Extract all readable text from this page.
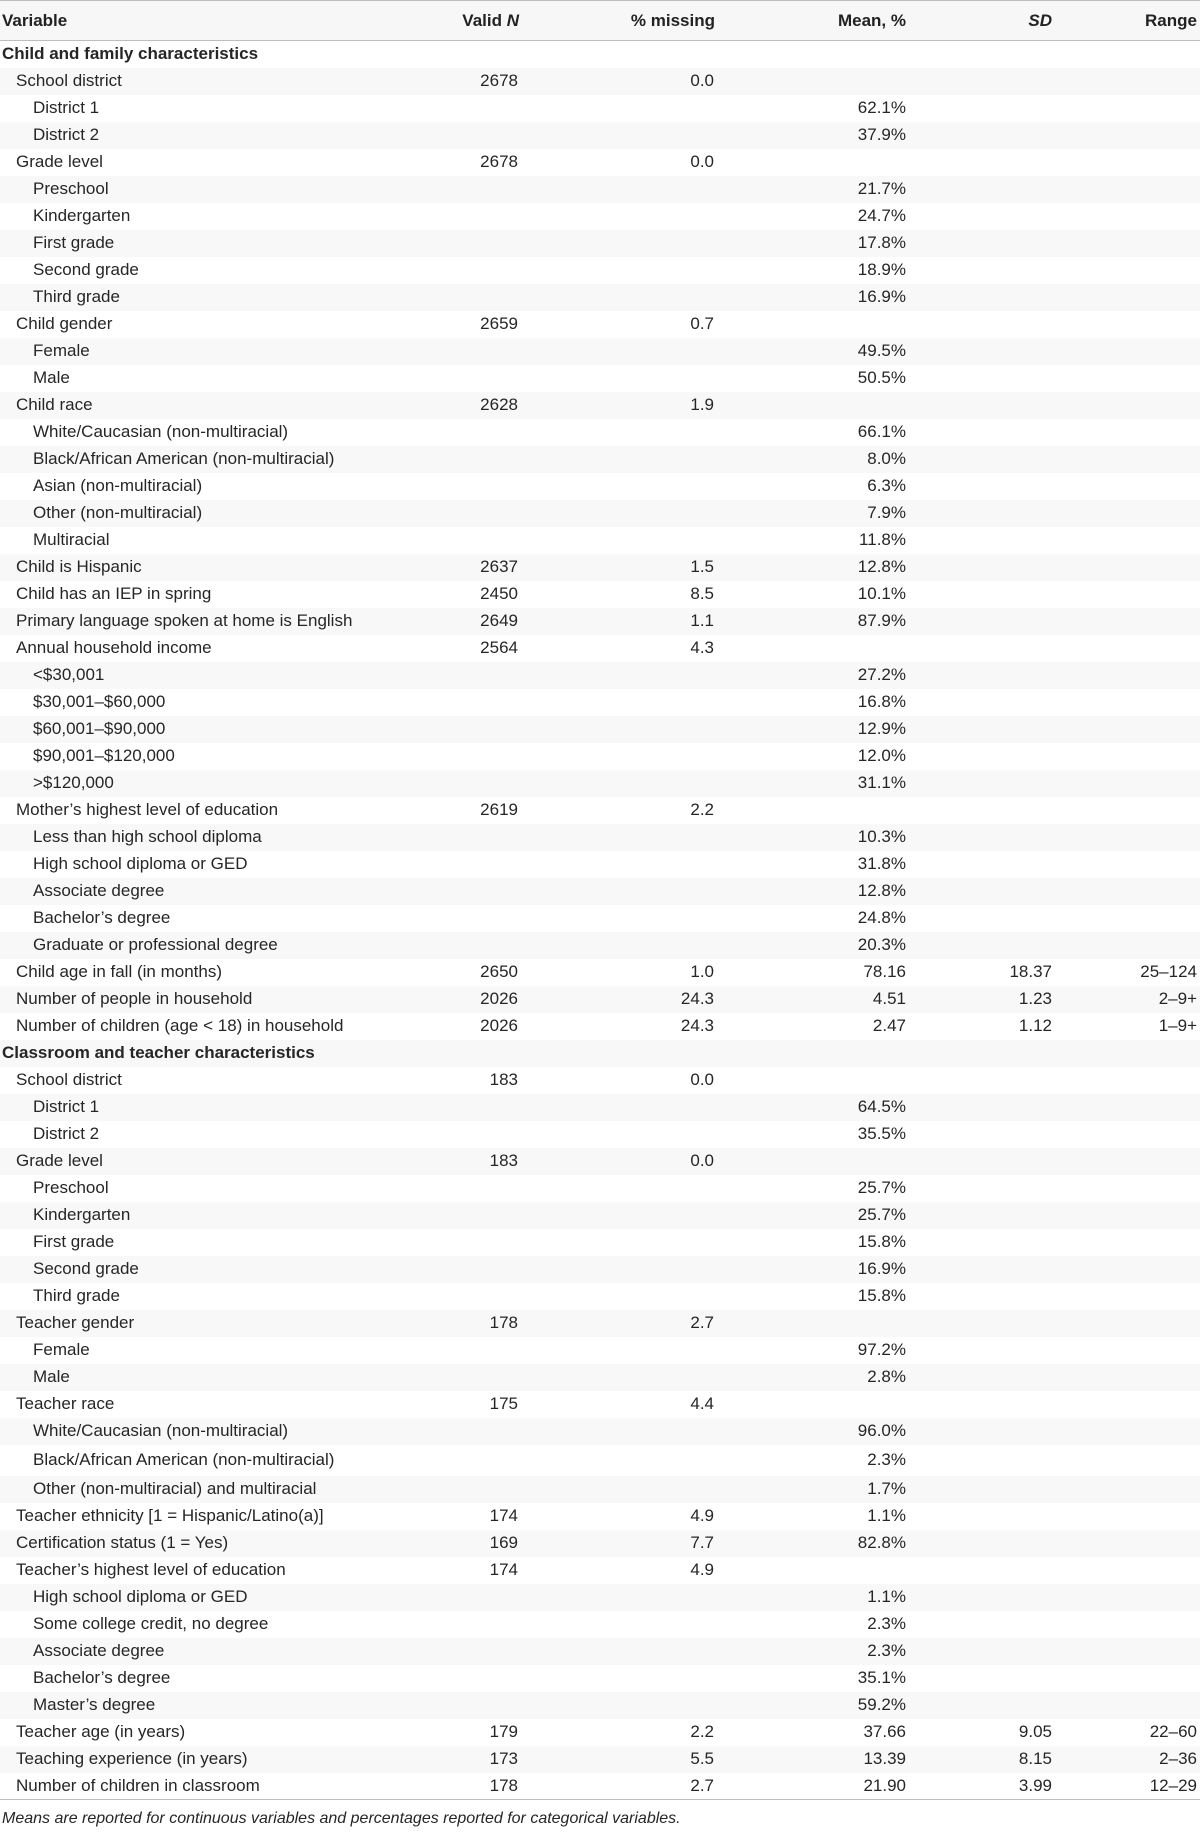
Variable	Valid N	% missing	Mean, %	SD	Range
Child and family characteristics					
School district	2678	0.0			
District 1			62.1%		
District 2			37.9%		
Grade level	2678	0.0			
Preschool			21.7%		
Kindergarten			24.7%		
First grade			17.8%		
Second grade			18.9%		
Third grade			16.9%		
Child gender	2659	0.7			
Female			49.5%		
Male			50.5%		
Child race	2628	1.9			
White/Caucasian (non-multiracial)			66.1%		
Black/African American (non-multiracial)			8.0%		
Asian (non-multiracial)			6.3%		
Other (non-multiracial)			7.9%		
Multiracial			11.8%		
Child is Hispanic	2637	1.5	12.8%		
Child has an IEP in spring	2450	8.5	10.1%		
Primary language spoken at home is English	2649	1.1	87.9%		
Annual household income	2564	4.3			
<$30,001			27.2%		
$30,001–$60,000			16.8%		
$60,001–$90,000			12.9%		
$90,001–$120,000			12.0%		
>$120,000			31.1%		
Mother’s highest level of education	2619	2.2			
Less than high school diploma			10.3%		
High school diploma or GED			31.8%		
Associate degree			12.8%		
Bachelor’s degree			24.8%		
Graduate or professional degree			20.3%		
Child age in fall (in months)	2650	1.0	78.16	18.37	25–124
Number of people in household	2026	24.3	4.51	1.23	2–9+
Number of children (age < 18) in household	2026	24.3	2.47	1.12	1–9+
Classroom and teacher characteristics					
School district	183	0.0			
District 1			64.5%		
District 2			35.5%		
Grade level	183	0.0			
Preschool			25.7%		
Kindergarten			25.7%		
First grade			15.8%		
Second grade			16.9%		
Third grade			15.8%		
Teacher gender	178	2.7			
Female			97.2%		
Male			2.8%		
Teacher race	175	4.4			
White/Caucasian (non-multiracial)			96.0%		
Black/African American (non-multiracial)			2.3%		
Other (non-multiracial) and multiracial			1.7%		
Teacher ethnicity [1 = Hispanic/Latino(a)]	174	4.9	1.1%		
Certification status (1 = Yes)	169	7.7	82.8%		
Teacher’s highest level of education	174	4.9			
High school diploma or GED			1.1%		
Some college credit, no degree			2.3%		
Associate degree			2.3%		
Bachelor’s degree			35.1%		
Master’s degree			59.2%		
Teacher age (in years)	179	2.2	37.66	9.05	22–60
Teaching experience (in years)	173	5.5	13.39	8.15	2–36
Number of children in classroom	178	2.7	21.90	3.99	12–29
Means are reported for continuous variables and percentages reported for categorical variables.
